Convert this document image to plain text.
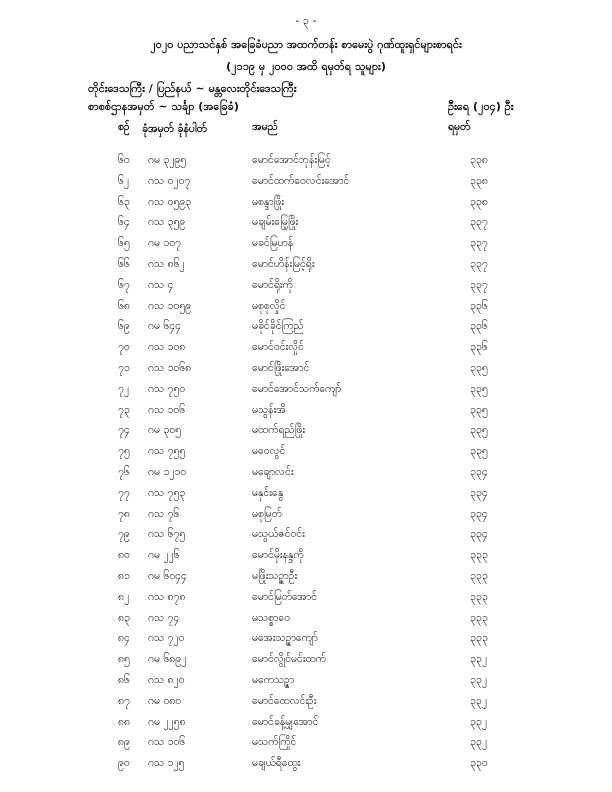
- ၃ -
၂၀၂၀ ပညာသင်နှစ် အခြေခံပညာ အထက်တန်း စာမေးပွဲ ဂုဏ်ထူးရှင်များစာရင်း
(၂၁၁၉ မှ ၂၀၀၀ အထိ ရမှတ်ရ သူများ)
တိုင်းဒေသကြီး / ပြည်နယ် ~ မန္တလေးတိုင်းဒေသကြီး
စာစစ်ဌာနအမှတ် ~ သင်္ချာ (အခြေခံ)	ဦးရေ (၂၀၄) ဦး
စဉ် ခုံအမှတ် ခုံနံပါတ်	အမည်	ရမှတ်
၆၀ ဂမ ၃၂၉၅	မောင်အောင်ဘုန်းမြင့်	၃၃၈
၆၂ ဂသ ၀၂၀၇	မောင်ထက်ဝေလင်းအောင်	၃၃၈
၆၃ ဂသ ၀၅၉၃	မစန္ဒာဖြိုး	၃၃၈
၆၄ ဂသ ၃၅၉	မချမ်းမြေ့ဖြိုး	၃၃၇
၆၅ ဂမ ၁၀၇	မခင်မြဟန်	၃၃၇
၆၆ ဂသ ၈၆၂	မောင်ဟိန်းမြင့်ရိုး	၃၃၇
၆၇ ဂသ ၄	မောင်ရိုးကို	၃၃၇
၆၈ ဂသ ၁၀၅၉	မစုစုလှိုင်	၃၃၆
၆၉ ဂမ ၆၄၄	မခိုင်ခိုင်ကြည်	၃၃၆
၇၀ ဂသ ၁၀၈	မောင်ဝင်းလှိုင်	၃၃၆
၇၁ ဂသ ၁၀၆၈	မောင်ဖြိုးအောင်	၃၃၅
၇၂ ဂသ ၇၅၀	မောင်အောင်သက်ကျော်	၃၃၅
၇၃ ဂသ ၁၀၆	မသွန်းအိ	၃၃၅
၇၄ ဂမ ၃၀၅	မထက်ရည်ဖြိုး	၃၃၅
၇၅ ဂသ ၇၅၅	မဝေလွင်	၃၃၅
၇၆ ဂမ ၁၂၁၀	မချောလင်း	၃၃၄
၇၇ ဂသ ၇၅၃	မနှင်းနွေ	၃၃၄
၇၈ ဂသ ၇၆	မစုမြတ်	၃၃၄
၇၉ ဂသ ၆၇၅	မသွယ်ဇင်ဝင်း	၃၃၄
၈၀ ဂမ ၂၂၆	မောင်မိုးနန္ဒကို	၃၃၃
၈၁ ဂမ ၆၀၄၄	မဖြိုးသဉ္ဇာဦး	၃၃၃
၈၂ ဂသ ၈၇၈	မောင်မြတ်အောင်	၃၃၃
၈၃ ဂသ ၇၄	မသစ္စာဝေ	၃၃၃
၈၄ ဂသ ၇၂၀	မအေးသဉ္ဇာကျော်	၃၃၃
၈၅ ဂမ ၆၈၉၂	မောင်လွိုင်မင်းထက်	၃၃၂
၈၆ ဂသ ၈၂၀	မကေသဉ္ဇာ	၃၃၂
၈၇ ဂမ ၀၈၀	မောင်ထေလင်းဦး	၃၃၂
၈၈ ဂမ ၂၂၅၈	မောင်ခန့်မျှအောင်	၃၃၂
၈၉ ဂသ ၁၀၆	မသက်ကြိုင်	၃၃၂
၉၀ ဂသ ၁၂၅	မချယ်ရီထွေး	၃၃၀
